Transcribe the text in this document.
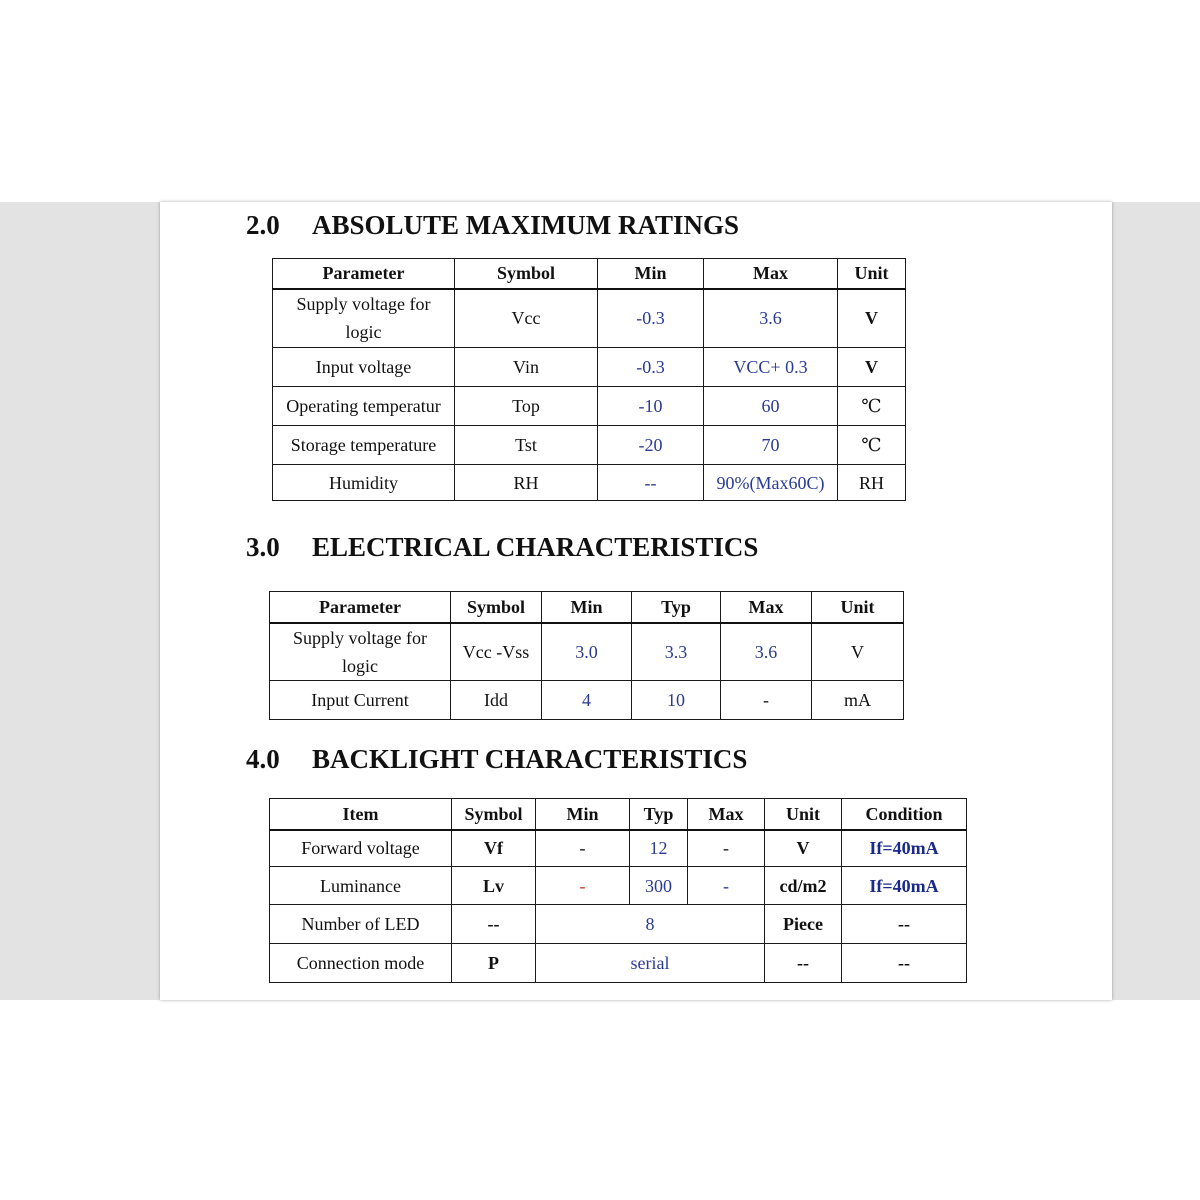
2.0 ABSOLUTE MAXIMUM RATINGS
Parameter	Symbol	Min	Max	Unit
Supply voltage for logic	Vcc	-0.3	3.6	V
Input voltage	Vin	-0.3	VCC+ 0.3	V
Operating temperatur	Top	-10	60	℃
Storage temperature	Tst	-20	70	℃
Humidity	RH	--	90%(Max60C)	RH
3.0 ELECTRICAL CHARACTERISTICS
Parameter	Symbol	Min	Typ	Max	Unit
Supply voltage for logic	Vcc -Vss	3.0	3.3	3.6	V
Input Current	Idd	4	10	-	mA
4.0 BACKLIGHT CHARACTERISTICS
Item	Symbol	Min	Typ	Max	Unit	Condition
Forward voltage	Vf	-	12	-	V	If=40mA
Luminance	Lv	-	300	-	cd/m2	If=40mA
Number of LED	--	8			Piece	--
Connection mode	P	serial			--	--
